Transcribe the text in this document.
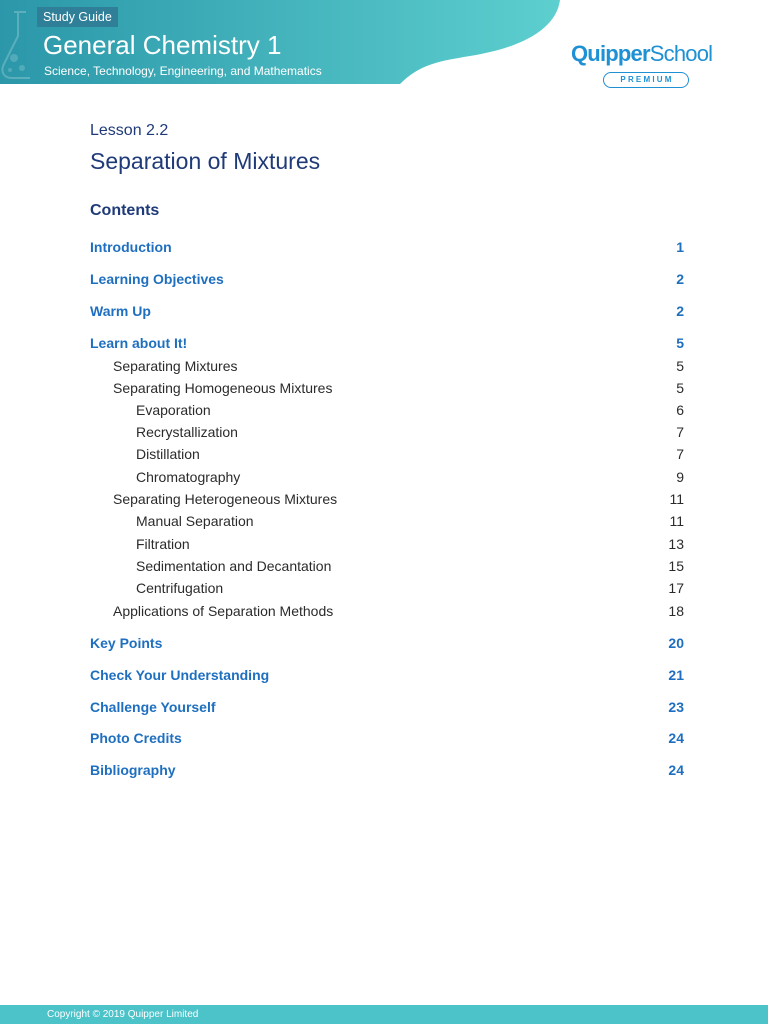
Study Guide
General Chemistry 1
Science, Technology, Engineering, and Mathematics
QuipperSchool
PREMIUM
Lesson 2.2
Separation of Mixtures
Contents
Introduction	1
Learning Objectives	2
Warm Up	2
Learn about It!	5
Separating Mixtures	5
Separating Homogeneous Mixtures	5
Evaporation	6
Recrystallization	7
Distillation	7
Chromatography	9
Separating Heterogeneous Mixtures	11
Manual Separation	11
Filtration	13
Sedimentation and Decantation	15
Centrifugation	17
Applications of Separation Methods	18
Key Points	20
Check Your Understanding	21
Challenge Yourself	23
Photo Credits	24
Bibliography	24
Copyright © 2019 Quipper Limited
